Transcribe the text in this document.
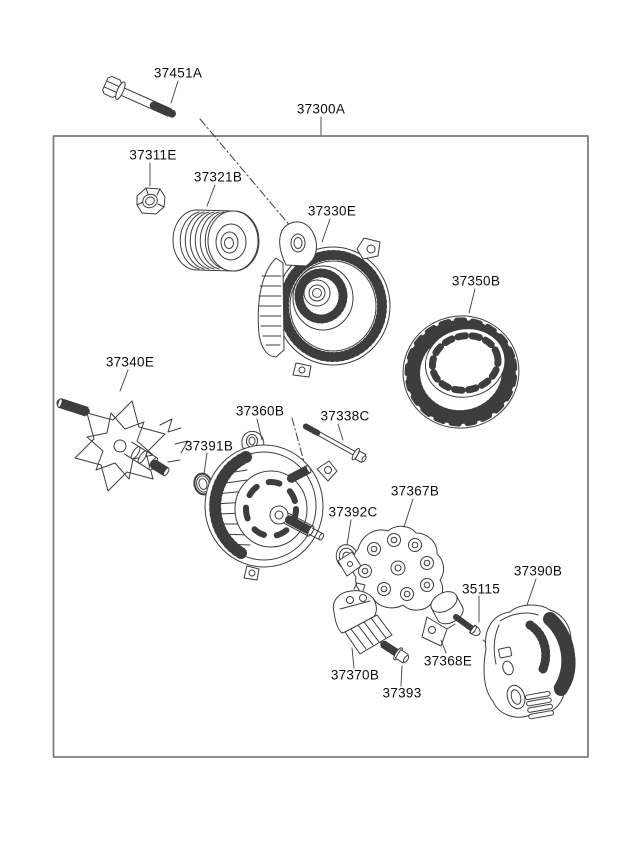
37451A
37300A
37311E
37321B
37330E
37350B
37340E
37360B	37338C
37391B
37367B
37392C
37390B
35115
37368E
37370B
37393
